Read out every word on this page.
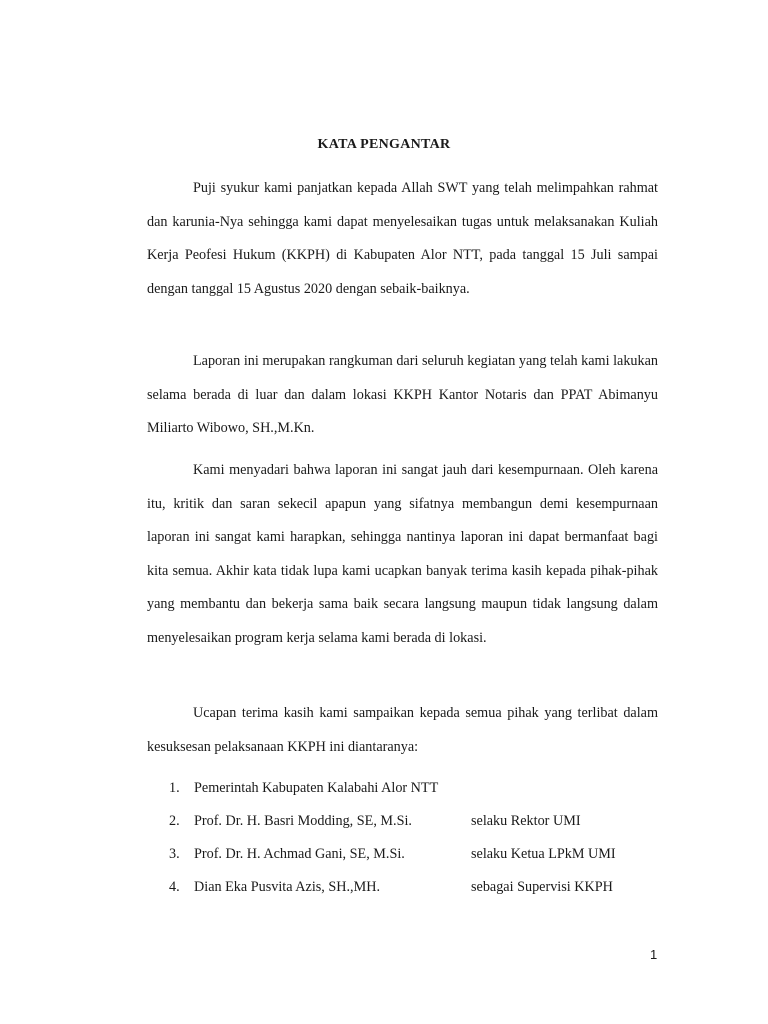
KATA PENGANTAR

Puji syukur kami panjatkan kepada Allah SWT yang telah melimpahkan rahmat dan karunia-Nya sehingga kami dapat menyelesaikan tugas untuk melaksanakan Kuliah Kerja Peofesi Hukum (KKPH) di Kabupaten Alor NTT, pada tanggal 15 Juli sampai dengan tanggal 15 Agustus 2020 dengan sebaik-baiknya.

Laporan ini merupakan rangkuman dari seluruh kegiatan yang telah kami lakukan selama berada di luar dan dalam lokasi KKPH Kantor Notaris dan PPAT Abimanyu Miliarto Wibowo, SH.,M.Kn.

Kami menyadari bahwa laporan ini sangat jauh dari kesempurnaan. Oleh karena itu, kritik dan saran sekecil apapun yang sifatnya membangun demi kesempurnaan laporan ini sangat kami harapkan, sehingga nantinya laporan ini dapat bermanfaat bagi kita semua. Akhir kata tidak lupa kami ucapkan banyak terima kasih kepada pihak-pihak yang membantu dan bekerja sama baik secara langsung maupun tidak langsung dalam menyelesaikan program kerja selama kami berada di lokasi.

Ucapan terima kasih kami sampaikan kepada semua pihak yang terlibat dalam kesuksesan pelaksanaan KKPH ini diantaranya:

1. Pemerintah Kabupaten Kalabahi Alor NTT
2. Prof. Dr. H. Basri Modding, SE, M.Si.	selaku Rektor UMI
3. Prof. Dr. H. Achmad Gani, SE, M.Si.	selaku Ketua LPkM UMI
4. Dian Eka Pusvita Azis, SH.,MH.	sebagai Supervisi KKPH
1
